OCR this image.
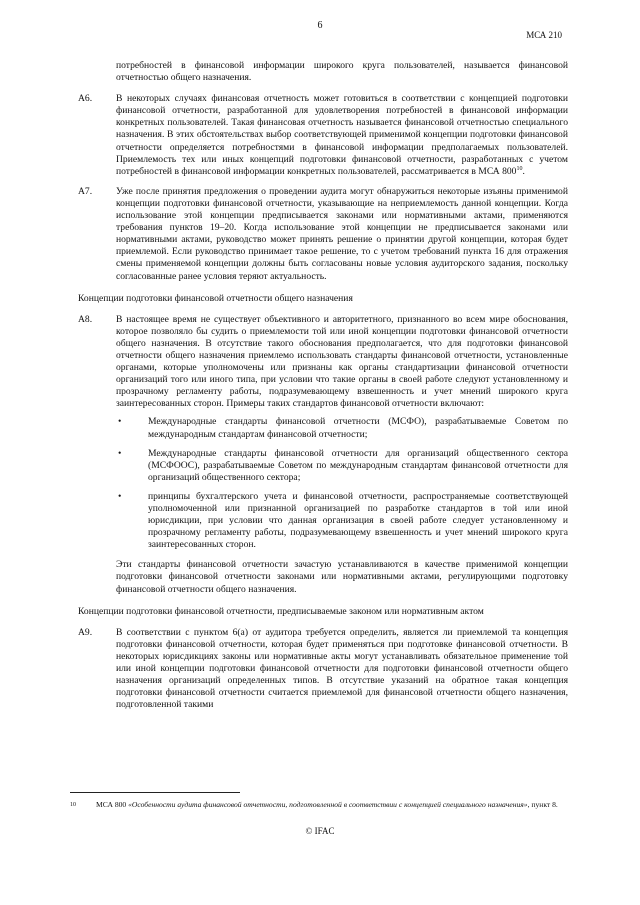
6
МСА 210
потребностей в финансовой информации широкого круга пользователей, называется финансовой отчетностью общего назначения.
A6.	В некоторых случаях финансовая отчетность может готовиться в соответствии с концепцией подготовки финансовой отчетности, разработанной для удовлетворения потребностей в финансовой информации конкретных пользователей. Такая финансовая отчетность называется финансовой отчетностью специального назначения. В этих обстоятельствах выбор соответствующей применимой концепции подготовки финансовой отчетности определяется потребностями в финансовой информации предполагаемых пользователей. Приемлемость тех или иных концепций подготовки финансовой отчетности, разработанных с учетом потребностей в финансовой информации конкретных пользователей, рассматривается в МСА $800^{10}$.
A7.	Уже после принятия предложения о проведении аудита могут обнаружиться некоторые изъяны применимой концепции подготовки финансовой отчетности, указывающие на неприемлемость данной концепции. Когда использование этой концепции предписывается законами или нормативными актами, применяются требования пунктов 19–20. Когда использование этой концепции не предписывается законами или нормативными актами, руководство может принять решение о принятии другой концепции, которая будет приемлемой. Если руководство принимает такое решение, то с учетом требований пункта 16 для отражения смены применяемой концепции должны быть согласованы новые условия аудиторского задания, поскольку согласованные ранее условия теряют актуальность.
Концепции подготовки финансовой отчетности общего назначения
A8.	В настоящее время не существует объективного и авторитетного, признанного во всем мире обоснования, которое позволяло бы судить о приемлемости той или иной концепции подготовки финансовой отчетности общего назначения. В отсутствие такого обоснования предполагается, что для подготовки финансовой отчетности общего назначения приемлемо использовать стандарты финансовой отчетности, установленные органами, которые уполномочены или признаны как органы стандартизации финансовой отчетности организаций того или иного типа, при условии что такие органы в своей работе следуют установленному и прозрачному регламенту работы, подразумевающему взвешенность и учет мнений широкого круга заинтересованных сторон. Примеры таких стандартов финансовой отчетности включают:
•	Международные стандарты финансовой отчетности (МСФО), разрабатываемые Советом по международным стандартам финансовой отчетности;
•	Международные стандарты финансовой отчетности для организаций общественного сектора (МСФООС), разрабатываемые Советом по международным стандартам финансовой отчетности для организаций общественного сектора;
•	принципы бухгалтерского учета и финансовой отчетности, распространяемые соответствующей уполномоченной или признанной организацией по разработке стандартов в той или иной юрисдикции, при условии что данная организация в своей работе следует установленному и прозрачному регламенту работы, подразумевающему взвешенность и учет мнений широкого круга заинтересованных сторон.
Эти стандарты финансовой отчетности зачастую устанавливаются в качестве применимой концепции подготовки финансовой отчетности законами или нормативными актами, регулирующими подготовку финансовой отчетности общего назначения.
Концепции подготовки финансовой отчетности, предписываемые законом или нормативным актом
A9.	В соответствии с пунктом 6(a) от аудитора требуется определить, является ли приемлемой та концепция подготовки финансовой отчетности, которая будет применяться при подготовке финансовой отчетности. В некоторых юрисдикциях законы или нормативные акты могут устанавливать обязательное применение той или иной концепции подготовки финансовой отчетности для подготовки финансовой отчетности общего назначения организаций определенных типов. В отсутствие указаний на обратное такая концепция подготовки финансовой отчетности считается приемлемой для финансовой отчетности общего назначения, подготовленной такими
10	МСА 800 «Особенности аудита финансовой отчетности, подготовленной в соответствии с концепцией специального назначения», пункт 8.
© IFAC
